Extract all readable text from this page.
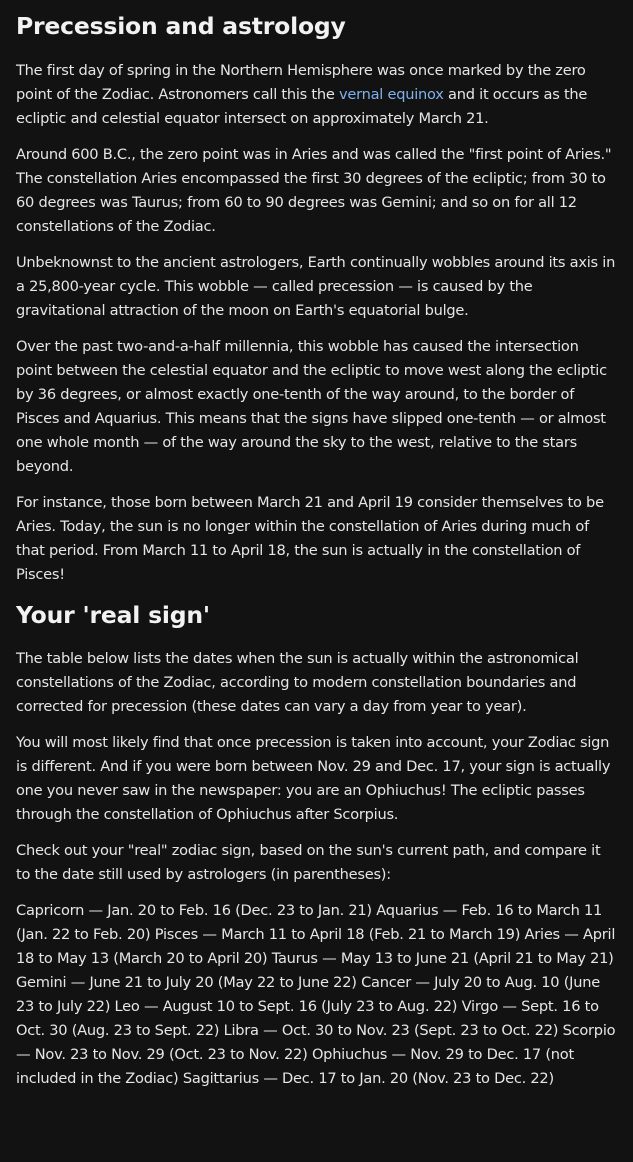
Precession and astrology

The first day of spring in the Northern Hemisphere was once marked by the zero point of the Zodiac. Astronomers call this the vernal equinox and it occurs as the ecliptic and celestial equator intersect on approximately March 21.

Around 600 B.C., the zero point was in Aries and was called the "first point of Aries." The constellation Aries encompassed the first 30 degrees of the ecliptic; from 30 to 60 degrees was Taurus; from 60 to 90 degrees was Gemini; and so on for all 12 constellations of the Zodiac.

Unbeknownst to the ancient astrologers, Earth continually wobbles around its axis in a 25,800-year cycle. This wobble — called precession — is caused by the gravitational attraction of the moon on Earth's equatorial bulge.

Over the past two-and-a-half millennia, this wobble has caused the intersection point between the celestial equator and the ecliptic to move west along the ecliptic by 36 degrees, or almost exactly one-tenth of the way around, to the border of Pisces and Aquarius. This means that the signs have slipped one-tenth — or almost one whole month — of the way around the sky to the west, relative to the stars beyond.

For instance, those born between March 21 and April 19 consider themselves to be Aries. Today, the sun is no longer within the constellation of Aries during much of that period. From March 11 to April 18, the sun is actually in the constellation of Pisces!

Your 'real sign'

The table below lists the dates when the sun is actually within the astronomical constellations of the Zodiac, according to modern constellation boundaries and corrected for precession (these dates can vary a day from year to year).

You will most likely find that once precession is taken into account, your Zodiac sign is different. And if you were born between Nov. 29 and Dec. 17, your sign is actually one you never saw in the newspaper: you are an Ophiuchus! The ecliptic passes through the constellation of Ophiuchus after Scorpius.

Check out your "real" zodiac sign, based on the sun's current path, and compare it to the date still used by astrologers (in parentheses):

Capricorn — Jan. 20 to Feb. 16 (Dec. 23 to Jan. 21) Aquarius — Feb. 16 to March 11 (Jan. 22 to Feb. 20) Pisces — March 11 to April 18 (Feb. 21 to March 19) Aries — April 18 to May 13 (March 20 to April 20) Taurus — May 13 to June 21 (April 21 to May 21)Gemini — June 21 to July 20 (May 22 to June 22) Cancer — July 20 to Aug. 10 (June 23 to July 22) Leo — August 10 to Sept. 16 (July 23 to Aug. 22) Virgo — Sept. 16 to Oct. 30 (Aug. 23 to Sept. 22) Libra — Oct. 30 to Nov. 23 (Sept. 23 to Oct. 22) Scorpio — Nov. 23 to Nov. 29 (Oct. 23 to Nov. 22) Ophiuchus — Nov. 29 to Dec. 17 (not included in the Zodiac) Sagittarius — Dec. 17 to Jan. 20 (Nov. 23 to Dec. 22)
